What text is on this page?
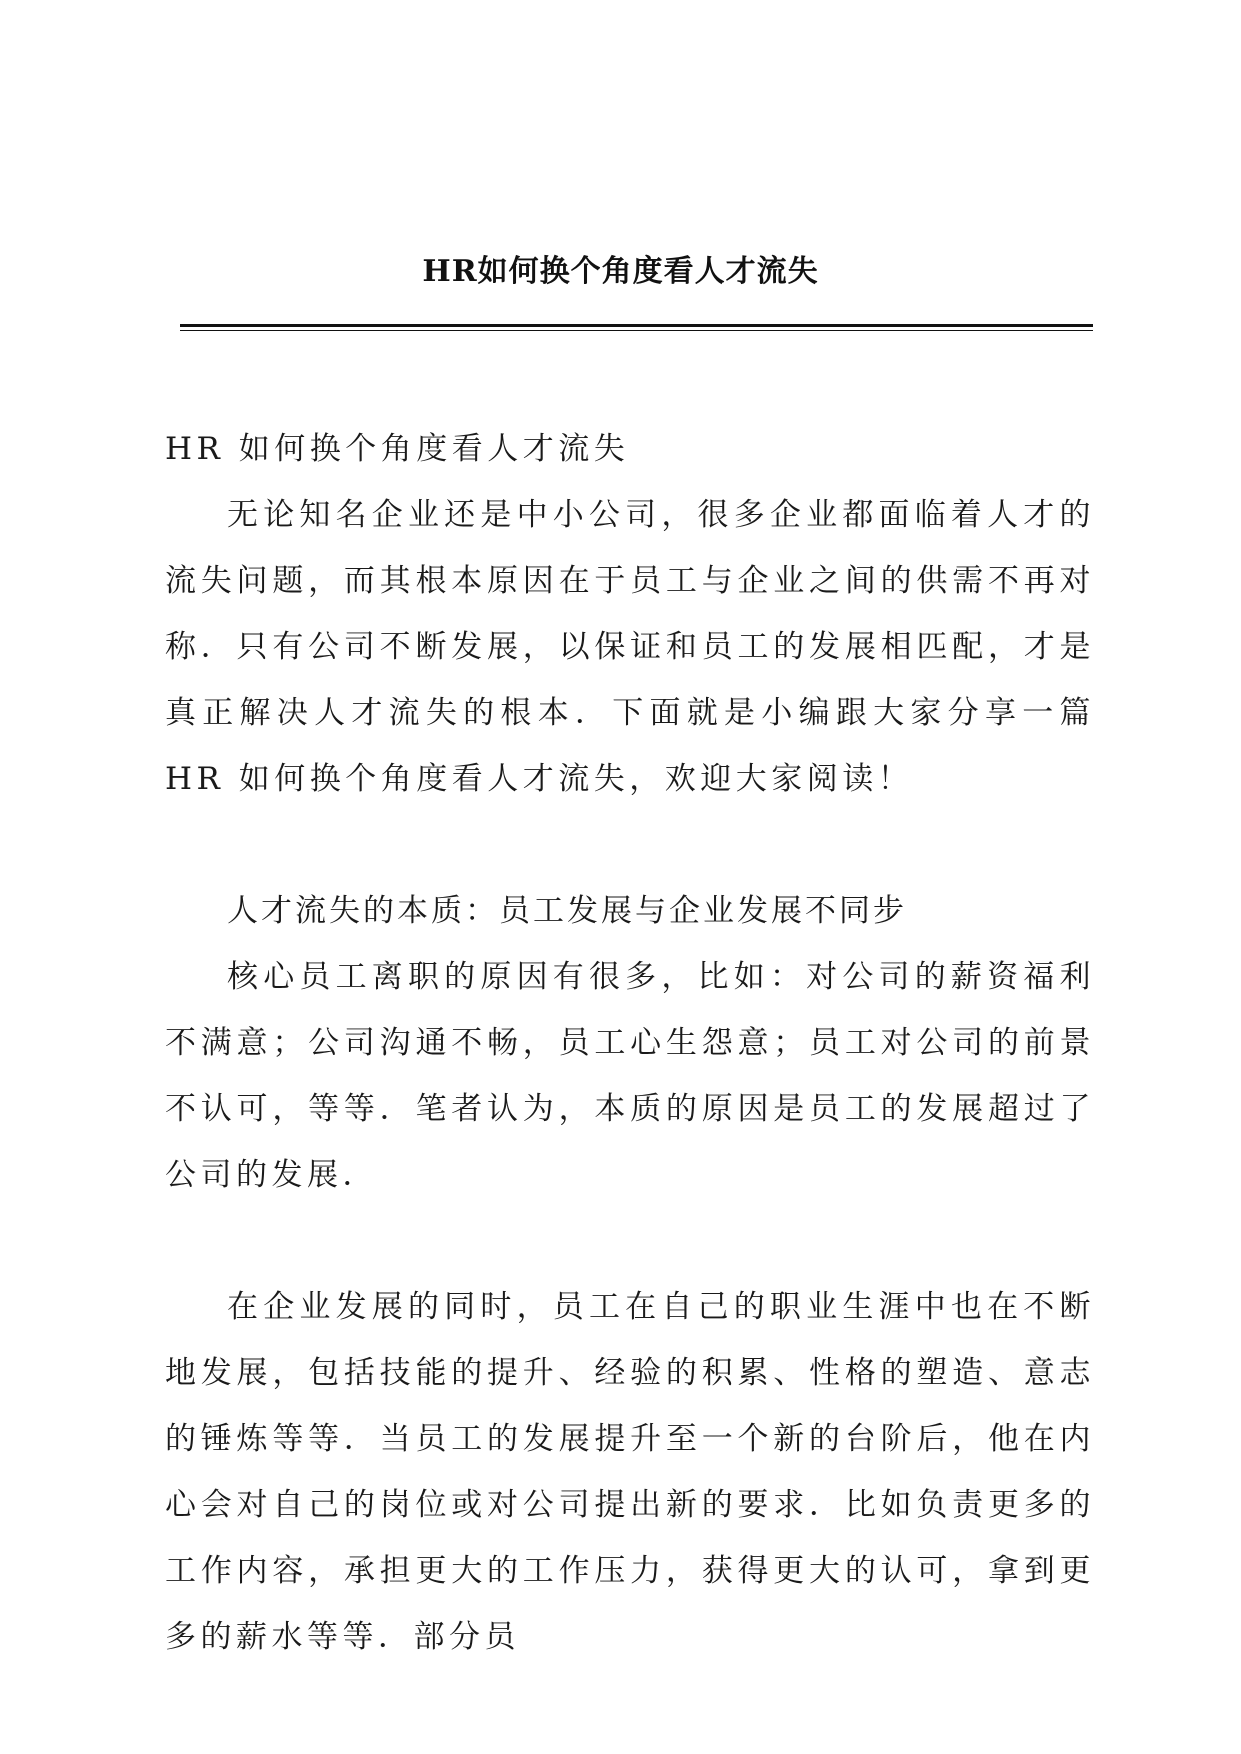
HR如何换个角度看人才流失

HR 如何换个角度看人才流失

无论知名企业还是中小公司，很多企业都面临着人才的流失问题，而其根本原因在于员工与企业之间的供需不再对称．只有公司不断发展，以保证和员工的发展相匹配，才是真正解决人才流失的根本．下面就是小编跟大家分享一篇 HR 如何换个角度看人才流失，欢迎大家阅读！

人才流失的本质：员工发展与企业发展不同步

核心员工离职的原因有很多，比如：对公司的薪资福利不满意；公司沟通不畅，员工心生怨意；员工对公司的前景不认可，等等．笔者认为，本质的原因是员工的发展超过了公司的发展．

在企业发展的同时，员工在自己的职业生涯中也在不断地发展，包括技能的提升、经验的积累、性格的塑造、意志的锤炼等等．当员工的发展提升至一个新的台阶后，他在内心会对自己的岗位或对公司提出新的要求．比如负责更多的工作内容，承担更大的工作压力，获得更大的认可，拿到更多的薪水等等．部分员
